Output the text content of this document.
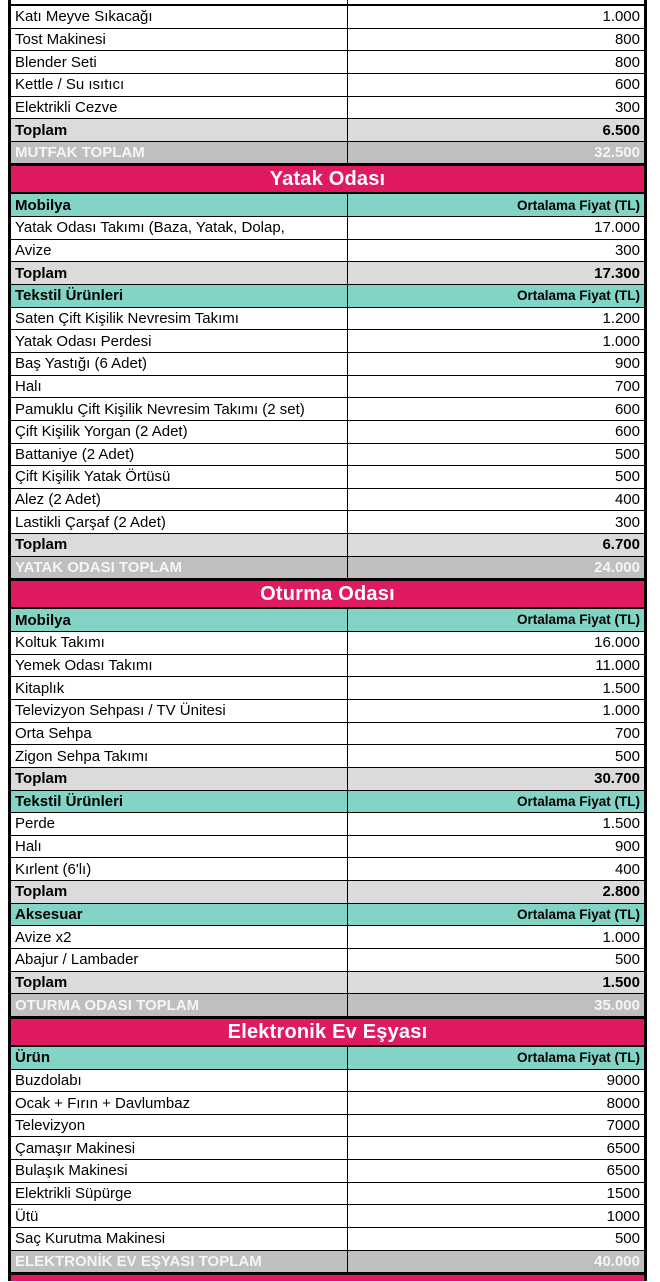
Katı Meyve Sıkacağı	1.000
Tost Makinesi	800
Blender Seti	800
Kettle / Su ısıtıcı	600
Elektrikli Cezve	300
Toplam	6.500
MUTFAK TOPLAM	32.500
Yatak Odası
Mobilya	Ortalama Fiyat (TL)
Yatak Odası Takımı (Baza, Yatak, Dolap,	17.000
Avize	300
Toplam	17.300
Tekstil Ürünleri	Ortalama Fiyat (TL)
Saten Çift Kişilik Nevresim Takımı	1.200
Yatak Odası Perdesi	1.000
Baş Yastığı (6 Adet)	900
Halı	700
Pamuklu Çift Kişilik Nevresim Takımı (2 set)	600
Çift Kişilik Yorgan (2 Adet)	600
Battaniye (2 Adet)	500
Çift Kişilik Yatak Örtüsü	500
Alez (2 Adet)	400
Lastikli Çarşaf (2 Adet)	300
Toplam	6.700
YATAK ODASI TOPLAM	24.000
Oturma Odası
Mobilya	Ortalama Fiyat (TL)
Koltuk Takımı	16.000
Yemek Odası Takımı	11.000
Kitaplık	1.500
Televizyon Sehpası / TV Ünitesi	1.000
Orta Sehpa	700
Zigon Sehpa Takımı	500
Toplam	30.700
Tekstil Ürünleri	Ortalama Fiyat (TL)
Perde	1.500
Halı	900
Kırlent (6'lı)	400
Toplam	2.800
Aksesuar	Ortalama Fiyat (TL)
Avize x2	1.000
Abajur / Lambader	500
Toplam	1.500
OTURMA ODASI TOPLAM	35.000
Elektronik Ev Eşyası
Ürün	Ortalama Fiyat (TL)
Buzdolabı	9000
Ocak + Fırın + Davlumbaz	8000
Televizyon	7000
Çamaşır Makinesi	6500
Bulaşık Makinesi	6500
Elektrikli Süpürge	1500
Ütü	1000
Saç Kurutma Makinesi	500
ELEKTRONİK EV EŞYASI TOPLAM	40.000
